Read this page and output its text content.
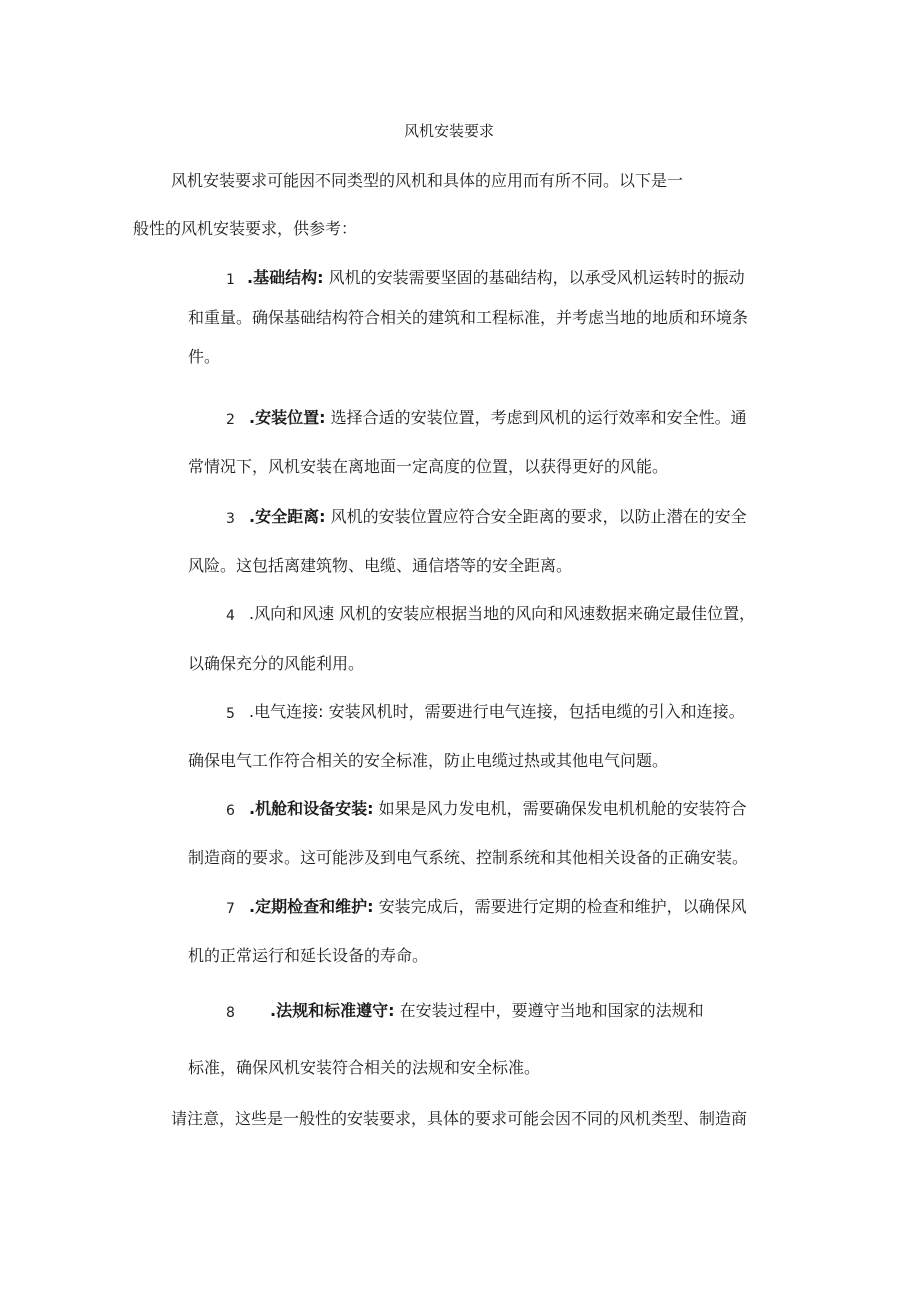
风机安装要求
风机安装要求可能因不同类型的风机和具体的应用而有所不同。以下是一
般性的风机安装要求，供参考：
1 .基础结构: 风机的安装需要坚固的基础结构，以承受风机运转时的振动
和重量。确保基础结构符合相关的建筑和工程标准，并考虑当地的地质和环境条
件。
2 .安装位置: 选择合适的安装位置，考虑到风机的运行效率和安全性。通
常情况下，风机安装在离地面一定高度的位置，以获得更好的风能。
3 .安全距离: 风机的安装位置应符合安全距离的要求，以防止潜在的安全
风险。这包括离建筑物、电缆、通信塔等的安全距离。
4 .风向和风速 风机的安装应根据当地的风向和风速数据来确定最佳位置，
以确保充分的风能利用。
5 .电气连接: 安装风机时，需要进行电气连接，包括电缆的引入和连接。
确保电气工作符合相关的安全标准，防止电缆过热或其他电气问题。
6 .机舱和设备安装: 如果是风力发电机，需要确保发电机机舱的安装符合
制造商的要求。这可能涉及到电气系统、控制系统和其他相关设备的正确安装。
7 .定期检查和维护: 安装完成后，需要进行定期的检查和维护，以确保风
机的正常运行和延长设备的寿命。
8 .法规和标准遵守: 在安装过程中，要遵守当地和国家的法规和
标准，确保风机安装符合相关的法规和安全标准。
请注意，这些是一般性的安装要求，具体的要求可能会因不同的风机类型、制造商
